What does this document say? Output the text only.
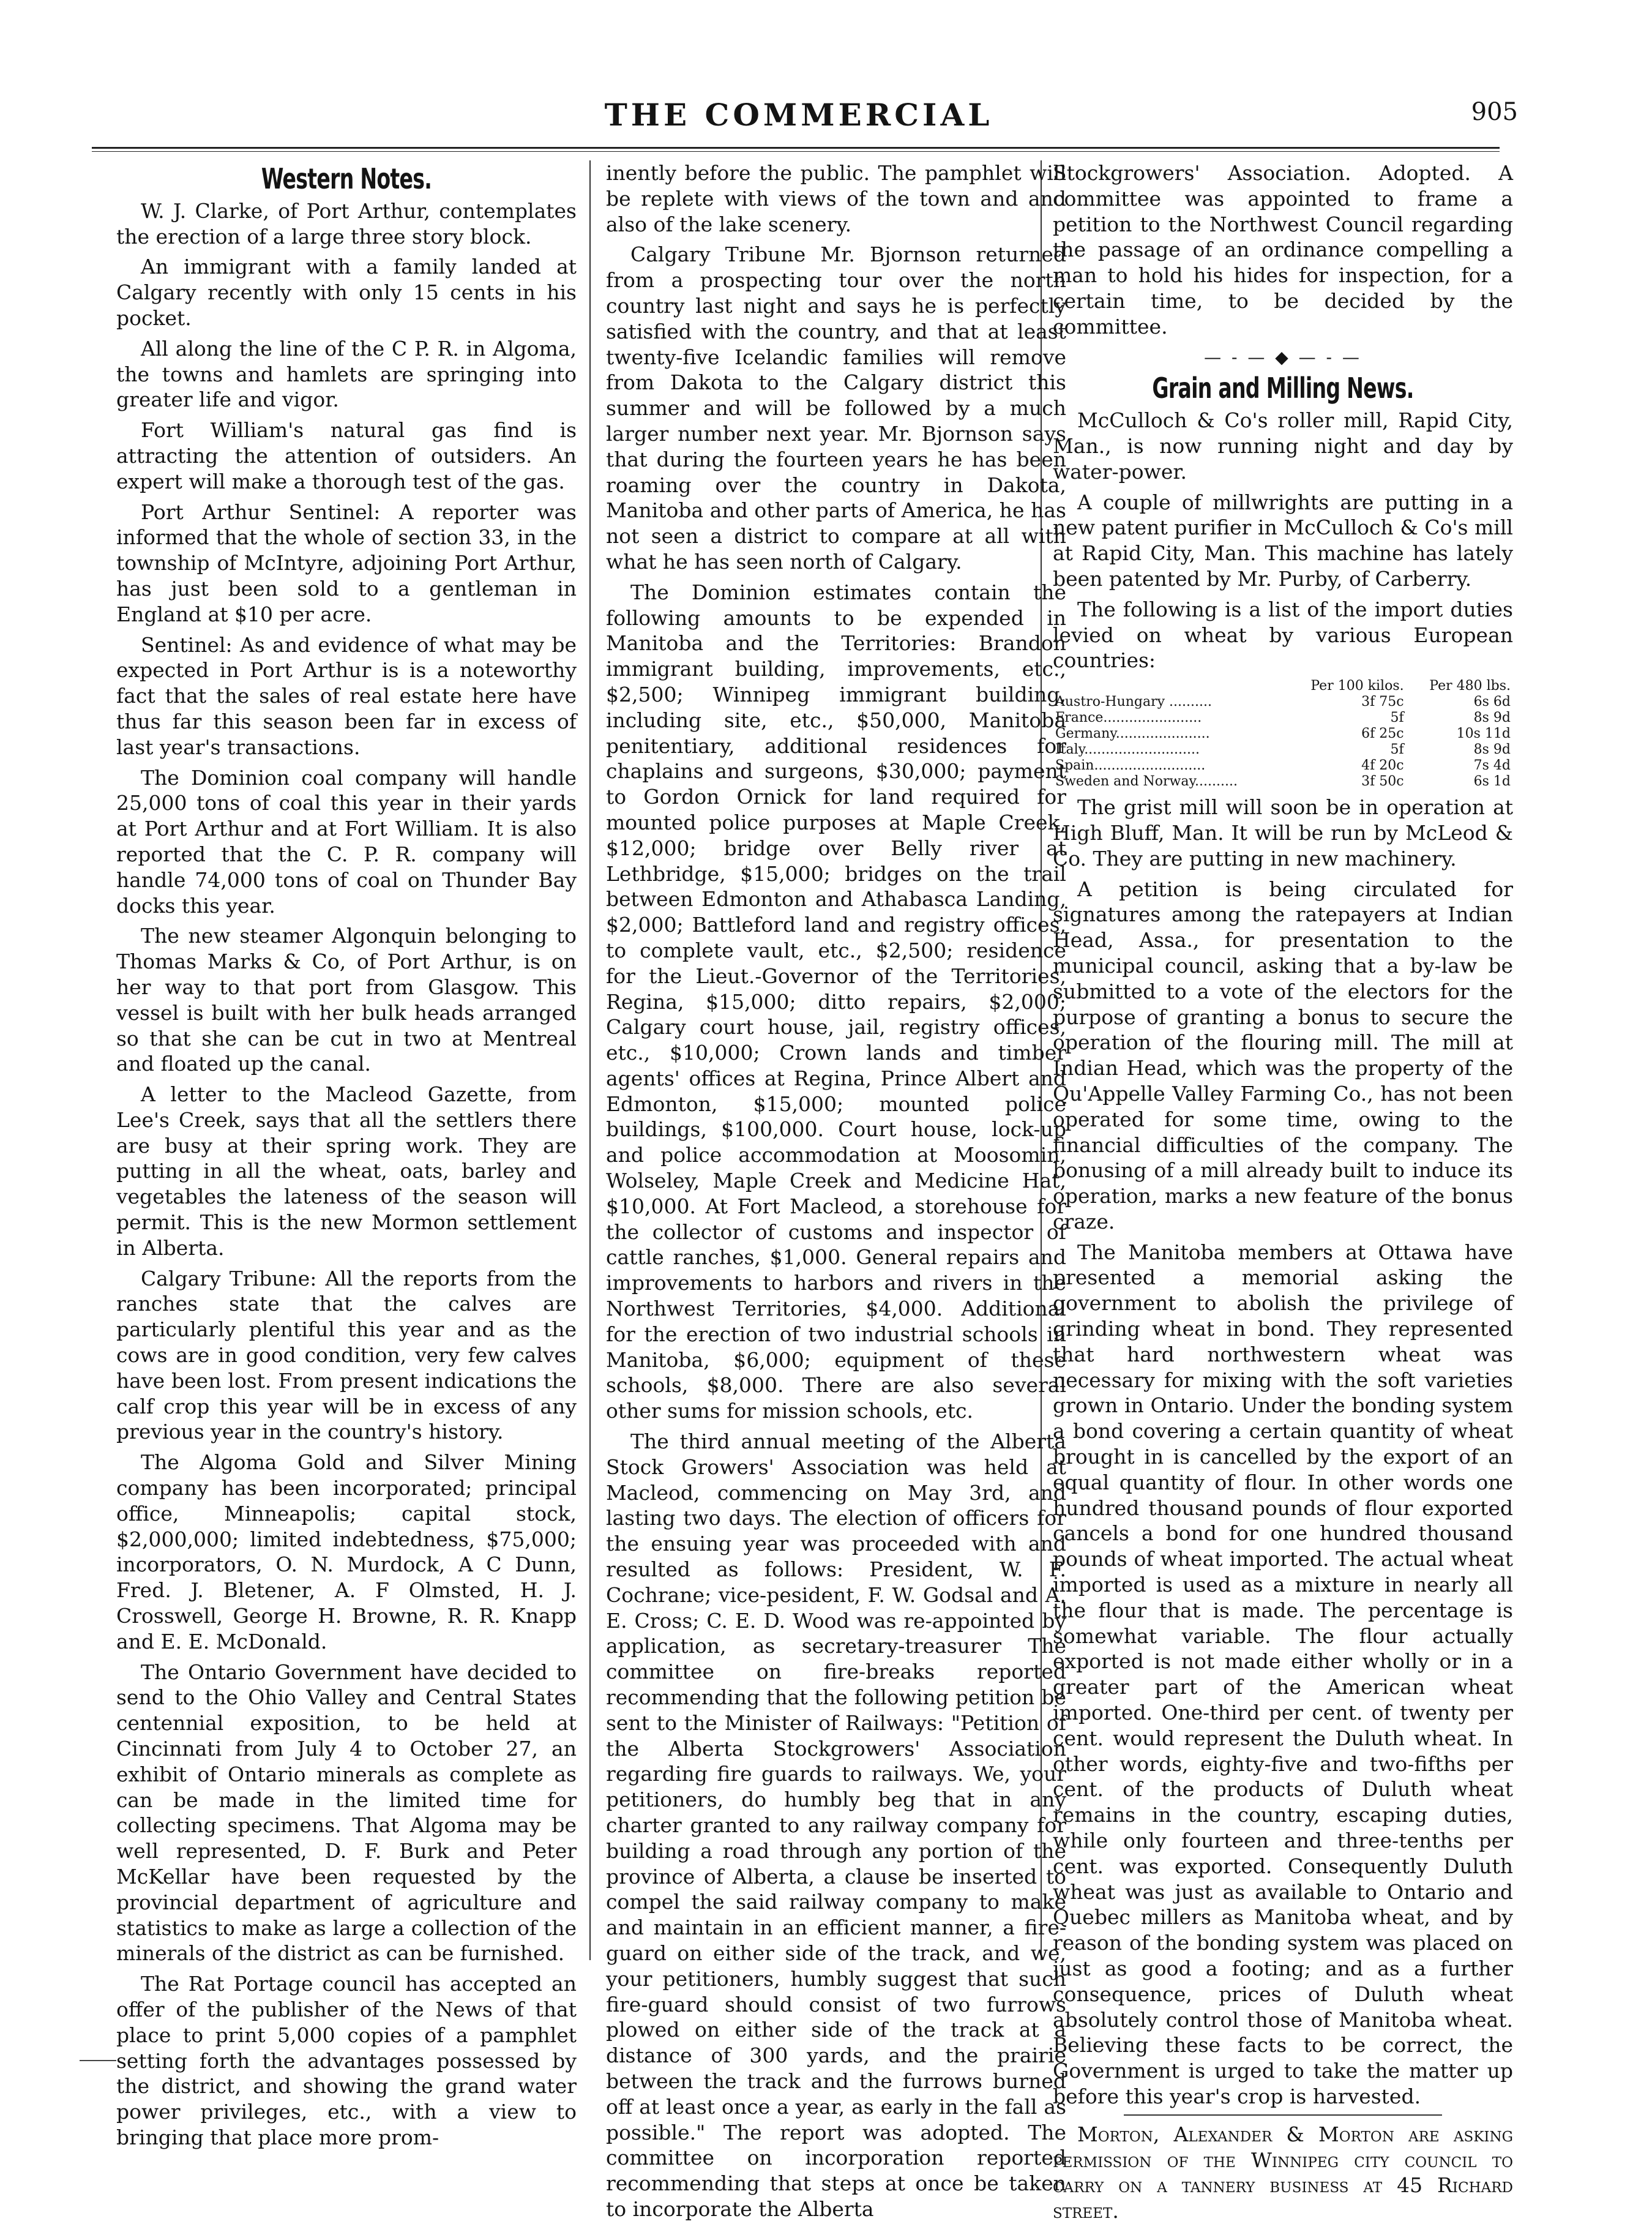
THE COMMERCIAL	905
Western Notes.

W. J. Clarke, of Port Arthur, contemplates the erection of a large three story block.

An immigrant with a family landed at Calgary recently with only 15 cents in his pocket.

All along the line of the C P. R. in Algoma, the towns and hamlets are springing into greater life and vigor.

Fort William's natural gas find is attracting the attention of outsiders. An expert will make a thorough test of the gas.

Port Arthur Sentinel: A reporter was informed that the whole of section 33, in the township of McIntyre, adjoining Port Arthur, has just been sold to a gentleman in England at $10 per acre.

Sentinel: As and evidence of what may be expected in Port Arthur is is a noteworthy fact that the sales of real estate here have thus far this season been far in excess of last year's transactions.

The Dominion coal company will handle 25,000 tons of coal this year in their yards at Port Arthur and at Fort William. It is also reported that the C. P. R. company will handle 74,000 tons of coal on Thunder Bay docks this year.

The new steamer Algonquin belonging to Thomas Marks & Co, of Port Arthur, is on her way to that port from Glasgow. This vessel is built with her bulk heads arranged so that she can be cut in two at Mentreal and floated up the canal.

A letter to the Macleod Gazette, from Lee's Creek, says that all the settlers there are busy at their spring work. They are putting in all the wheat, oats, barley and vegetables the lateness of the season will permit. This is the new Mormon settlement in Alberta.

Calgary Tribune: All the reports from the ranches state that the calves are particularly plentiful this year and as the cows are in good condition, very few calves have been lost. From present indications the calf crop this year will be in excess of any previous year in the country's history.

The Algoma Gold and Silver Mining company has been incorporated; principal office, Minneapolis; capital stock, $2,000,000; limited indebtedness, $75,000; incorporators, O. N. Murdock, A C Dunn, Fred. J. Bletener, A. F Olmsted, H. J. Crosswell, George H. Browne, R. R. Knapp and E. E. McDonald.

The Ontario Government have decided to send to the Ohio Valley and Central States centennial exposition, to be held at Cincinnati from July 4 to October 27, an exhibit of Ontario minerals as complete as can be made in the limited time for collecting specimens. That Algoma may be well represented, D. F. Burk and Peter McKellar have been requested by the provincial department of agriculture and statistics to make as large a collection of the minerals of the district as can be furnished.

The Rat Portage council has accepted an offer of the publisher of the News of that place to print 5,000 copies of a pamphlet setting forth the advantages possessed by the district, and showing the grand water power privileges, etc., with a view to bringing that place more prom-

inently before the public. The pamphlet will be replete with views of the town and and also of the lake scenery.

Calgary Tribune Mr. Bjornson returned from a prospecting tour over the north country last night and says he is perfectly satisfied with the country, and that at least twenty-five Icelandic families will remove from Dakota to the Calgary district this summer and will be followed by a much larger number next year. Mr. Bjornson says that during the fourteen years he has been roaming over the country in Dakota, Manitoba and other parts of America, he has not seen a district to compare at all with what he has seen north of Calgary.

The Dominion estimates contain the following amounts to be expended in Manitoba and the Territories: Brandon immigrant building, improvements, etc., $2,500; Winnipeg immigrant building, including site, etc., $50,000, Manitoba penitentiary, additional residences for chaplains and surgeons, $30,000; payment to Gordon Ornick for land required for mounted police purposes at Maple Creek, $12,000; bridge over Belly river at Lethbridge, $15,000; bridges on the trail between Edmonton and Athabasca Landing, $2,000; Battleford land and registry offices, to complete vault, etc., $2,500; residence for the Lieut.-Governor of the Territories, Regina, $15,000; ditto repairs, $2,000; Calgary court house, jail, registry offices, etc., $10,000; Crown lands and timber agents' offices at Regina, Prince Albert and Edmonton, $15,000; mounted police buildings, $100,000. Court house, lock-up and police accommodation at Moosomin, Wolseley, Maple Creek and Medicine Hat, $10,000. At Fort Macleod, a storehouse for the collector of customs and inspector of cattle ranches, $1,000. General repairs and improvements to harbors and rivers in the Northwest Territories, $4,000. Additional for the erection of two industrial schools in Manitoba, $6,000; equipment of these schools, $8,000. There are also several other sums for mission schools, etc.

The third annual meeting of the Alberta Stock Growers' Association was held at Macleod, commencing on May 3rd, and lasting two days. The election of officers for the ensuing year was proceeded with and resulted as follows: President, W. F. Cochrane; vice-pesident, F. W. Godsal and A. E. Cross; C. E. D. Wood was re-appointed by application, as secretary-treasurer The committee on fire-breaks reported recommending that the following petition be sent to the Minister of Railways: "Petition of the Alberta Stockgrowers' Association regarding fire guards to railways. We, your petitioners, do humbly beg that in any charter granted to any railway company for building a road through any portion of the province of Alberta, a clause be inserted to compel the said railway company to make and maintain in an efficient manner, a fire-guard on either side of the track, and we, your petitioners, humbly suggest that such fire-guard should consist of two furrows plowed on either side of the track at a distance of 300 yards, and the prairie between the track and the furrows burned off at least once a year, as early in the fall as possible." The report was adopted. The committee on incorporation reported recommending that steps at once be taken to incorporate the Alberta

Stockgrowers' Association. Adopted. A committee was appointed to frame a petition to the Northwest Council regarding the passage of an ordinance compelling a man to hold his hides for inspection, for a certain time, to be decided by the committee.

— - — ◆ — - —
Grain and Milling News.

McCulloch & Co's roller mill, Rapid City, Man., is now running night and day by water-power.

A couple of millwrights are putting in a new patent purifier in McCulloch & Co's mill at Rapid City, Man. This machine has lately been patented by Mr. Purby, of Carberry.

The following is a list of the import duties levied on wheat by various European countries:

	Per 100 kilos.	Per 480 lbs.
Austro-Hungary ..........	3f 75c	6s 6d
France.......................	5f	8s 9d
Germany......................	6f 25c	10s 11d
Italy...........................	5f	8s 9d
Spain..........................	4f 20c	7s 4d
Sweden and Norway..........	3f 50c	6s 1d

The grist mill will soon be in operation at High Bluff, Man. It will be run by McLeod & Co. They are putting in new machinery.

A petition is being circulated for signatures among the ratepayers at Indian Head, Assa., for presentation to the municipal council, asking that a by-law be submitted to a vote of the electors for the purpose of granting a bonus to secure the operation of the flouring mill. The mill at Indian Head, which was the property of the Qu'Appelle Valley Farming Co., has not been operated for some time, owing to the financial difficulties of the company. The bonusing of a mill already built to induce its operation, marks a new feature of the bonus craze.

The Manitoba members at Ottawa have presented a memorial asking the government to abolish the privilege of grinding wheat in bond. They represented that hard northwestern wheat was necessary for mixing with the soft varieties grown in Ontario. Under the bonding system a bond covering a certain quantity of wheat brought in is cancelled by the export of an equal quantity of flour. In other words one hundred thousand pounds of flour exported cancels a bond for one hundred thousand pounds of wheat imported. The actual wheat imported is used as a mixture in nearly all the flour that is made. The percentage is somewhat variable. The flour actually exported is not made either wholly or in a greater part of the American wheat imported. One-third per cent. of twenty per cent. would represent the Duluth wheat. In other words, eighty-five and two-fifths per cent. of the products of Duluth wheat remains in the country, escaping duties, while only fourteen and three-tenths per cent. was exported. Consequently Duluth wheat was just as available to Ontario and Quebec millers as Manitoba wheat, and by reason of the bonding system was placed on just as good a footing; and as a further consequence, prices of Duluth wheat absolutely control those of Manitoba wheat. Believing these facts to be correct, the Government is urged to take the matter up before this year's crop is harvested.

Morton, Alexander & Morton are asking permission of the Winnipeg city council to carry on a tannery business at 45 Richard street.
